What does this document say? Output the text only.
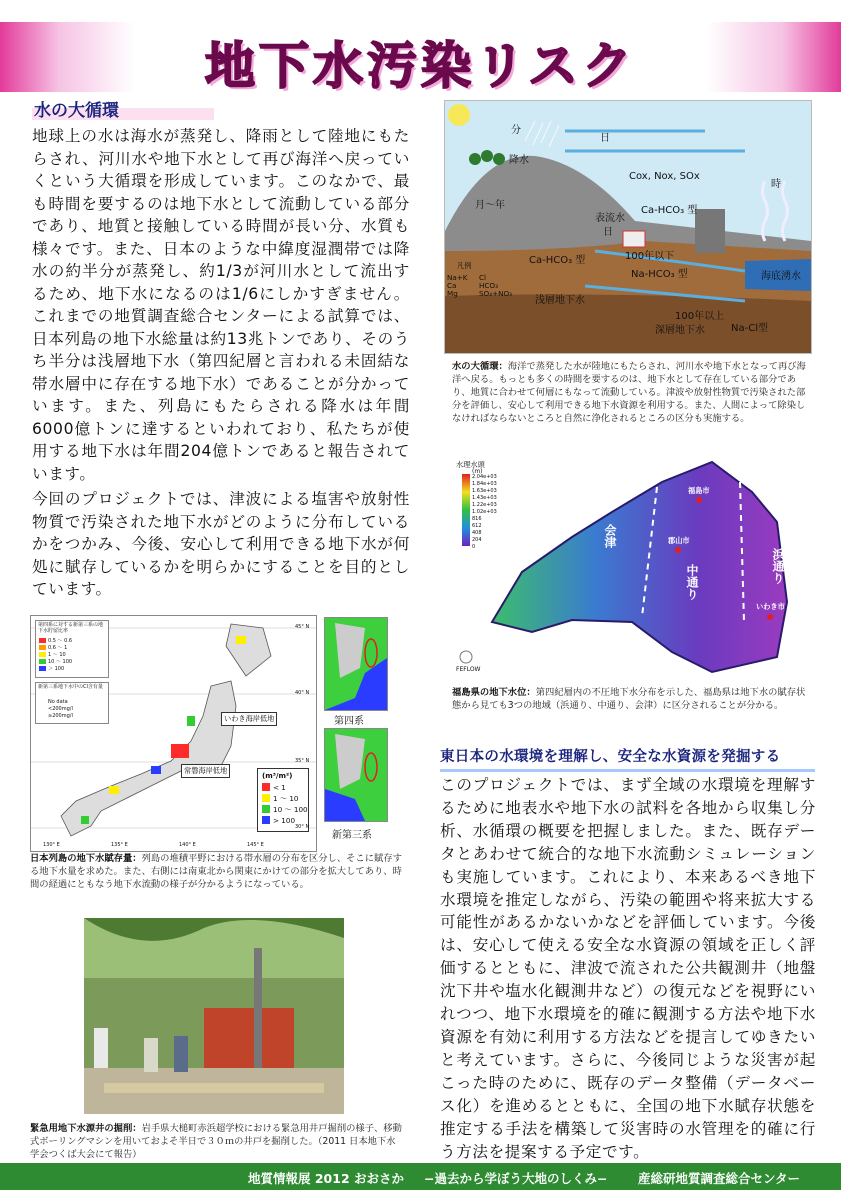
地下水汚染リスク
水の大循環
地球上の水は海水が蒸発し、降雨として陸地にもたらされ、河川水や地下水として再び海洋へ戻っていくという大循環を形成しています。このなかで、最も時間を要するのは地下水として流動している部分であり、地質と接触している時間が長い分、水質も様々です。また、日本のような中緯度湿潤帯では降水の約半分が蒸発し、約1/3が河川水として流出するため、地下水になるのは1/6にしかすぎません。これまでの地質調査総合センターによる試算では、日本列島の地下水総量は約13兆トンであり、そのうち半分は浅層地下水（第四紀層と言われる未固結な帯水層中に存在する地下水）であることが分かっています。また、列島にもたらされる降水は年間6000億トンに達するといわれており、私たちが使用する地下水は年間204億トンであると報告されています。
今回のプロジェクトでは、津波による塩害や放射性物質で汚染された地下水がどのように分布しているかをつかみ、今後、安心して利用できる地下水が何処に賦存しているかを明らかにすることを目的としています。
分
日
降水
時
Cox, Nox, SOx
月～年	Ca-HCO₃ 型
表流水
日
100年以下
Ca-HCO₃ 型
Na-HCO₃ 型	海底湧水
浅層地下水
100年以上
深層地下水	Na-Cl型
凡例
Na+K
Ca
Mg
Cl
HCO₃
SO₄+NO₃
水の大循環：海洋で蒸発した水が陸地にもたらされ、河川水や地下水となって再び海洋へ戻る。もっとも多くの時間を要するのは、地下水として存在している部分であり、地質に合わせて何層にもなって流動している。津波や放射性物質で汚染された部分を評価し、安心して利用できる地下水資源を利用する。また、人間によって除染しなければならないところと自然に浄化されるところの区分も実施する。
水理水頭
(m)
2.04e+03
1.84e+03
1.63e+03
1.43e+03
1.22e+03
1.02e+03
816
612
408
204
0	会津
中通り	浜通り
福島市
郡山市
いわき市
FEFLOW
福島県の地下水位：第四紀層内の不圧地下水分布を示した、福島県は地下水の賦存状態から見ても3つの地域（浜通り、中通り、会津）に区分されることが分かる。
第四系に対する新第三系の地下水貯留比率
0.5 ～ 0.6
0.6 ～ 1
1 ～ 10
10 ～ 100
＞ 100
新第三系地下水中のCl含有量
No data
<200mg/l
≥200mg/l	いわき海岸低地
常磐海岸低地
(m³/m²)
< 1
1 ～ 10
10 ～ 100
> 100
45° N
40° N
35° N
30° N
130° E	135° E	140° E	145° E
第四系
新第三系
日本列島の地下水賦存量：列島の堆積平野における帯水層の分布を区分し、そこに賦存する地下水量を求めた。また、右側には南東北から関東にかけての部分を拡大してあり、時間の経過にともなう地下水流動の様子が分かるようになっている。
緊急用地下水源井の掘削：岩手県大槌町赤浜超学校における緊急用井戸掘削の様子、移動式ボーリングマシンを用いておよそ半日で３０ｍの井戸を掘削した。（2011 日本地下水学会つくば大会にて報告）
東日本の水環境を理解し、安全な水資源を発掘する
このプロジェクトでは、まず全域の水環境を理解するために地表水や地下水の試料を各地から収集し分析、水循環の概要を把握しました。また、既存データとあわせて統合的な地下水流動シミュレーションも実施しています。これにより、本来あるべき地下水環境を推定しながら、汚染の範囲や将来拡大する可能性があるかないかなどを評価しています。今後は、安心して使える安全な水資源の領域を正しく評価するとともに、津波で流された公共観測井（地盤沈下井や塩水化観測井など）の復元などを視野にいれつつ、地下水環境を的確に観測する方法や地下水資源を有効に利用する方法などを提言してゆきたいと考えています。さらに、今後同じような災害が起こった時のために、既存のデータ整備（データベース化）を進めるとともに、全国の地下水賦存状態を推定する手法を構築して災害時の水管理を的確に行う方法を提案する予定です。
地質情報展 2012 おおさか −過去から学ぼう大地のしくみ− 産総研地質調査総合センター
